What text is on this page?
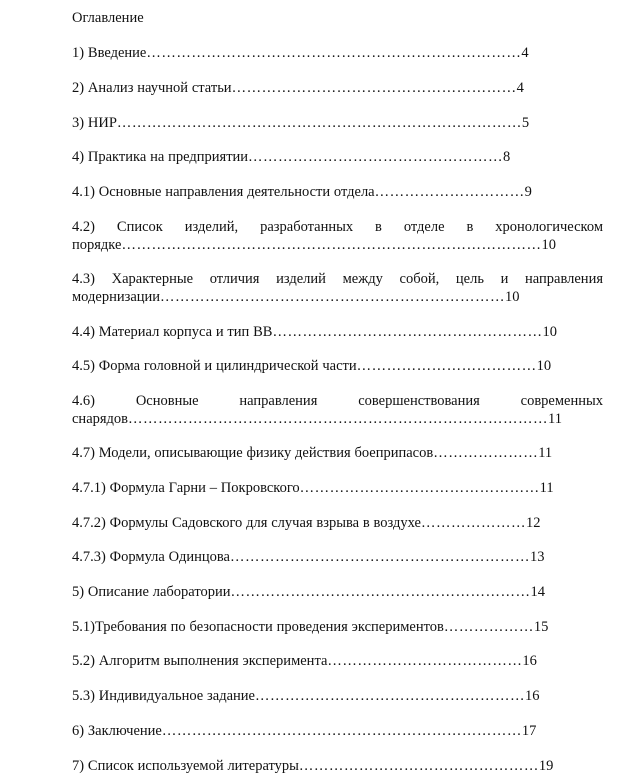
Оглавление
1) Введение…………………………………………………………………4
2) Анализ научной статьи…………………………………………………4
3) НИР………………………………………………………………………5
4) Практика на предприятии……………………………………………8
4.1) Основные направления деятельности отдела…………………………9
4.2) Список изделий, разработанных в отделе в хронологическом порядке…………………………………………………………………………10
4.3) Характерные отличия изделий между собой, цель и направления модернизации……………………………………………………………10
4.4) Материал корпуса и тип ВВ………………………………………………10
4.5) Форма головной и цилиндрической части………………………………10
4.6) Основные направления совершенствования современных снарядов…………………………………………………………………………11
4.7) Модели, описывающие физику действия боеприпасов…………………11
4.7.1) Формула Гарни – Покровского…………………………………………11
4.7.2) Формулы Садовского для случая взрыва в воздухе…………………12
4.7.3) Формула Одинцова……………………………………………………13
5) Описание лаборатории……………………………………………………14
5.1)Требования по безопасности проведения экспериментов………………15
5.2) Алгоритм выполнения эксперимента…………………………………16
5.3) Индивидуальное задание………………………………………………16
6) Заключение………………………………………………………………17
7) Список используемой литературы…………………………………………19
